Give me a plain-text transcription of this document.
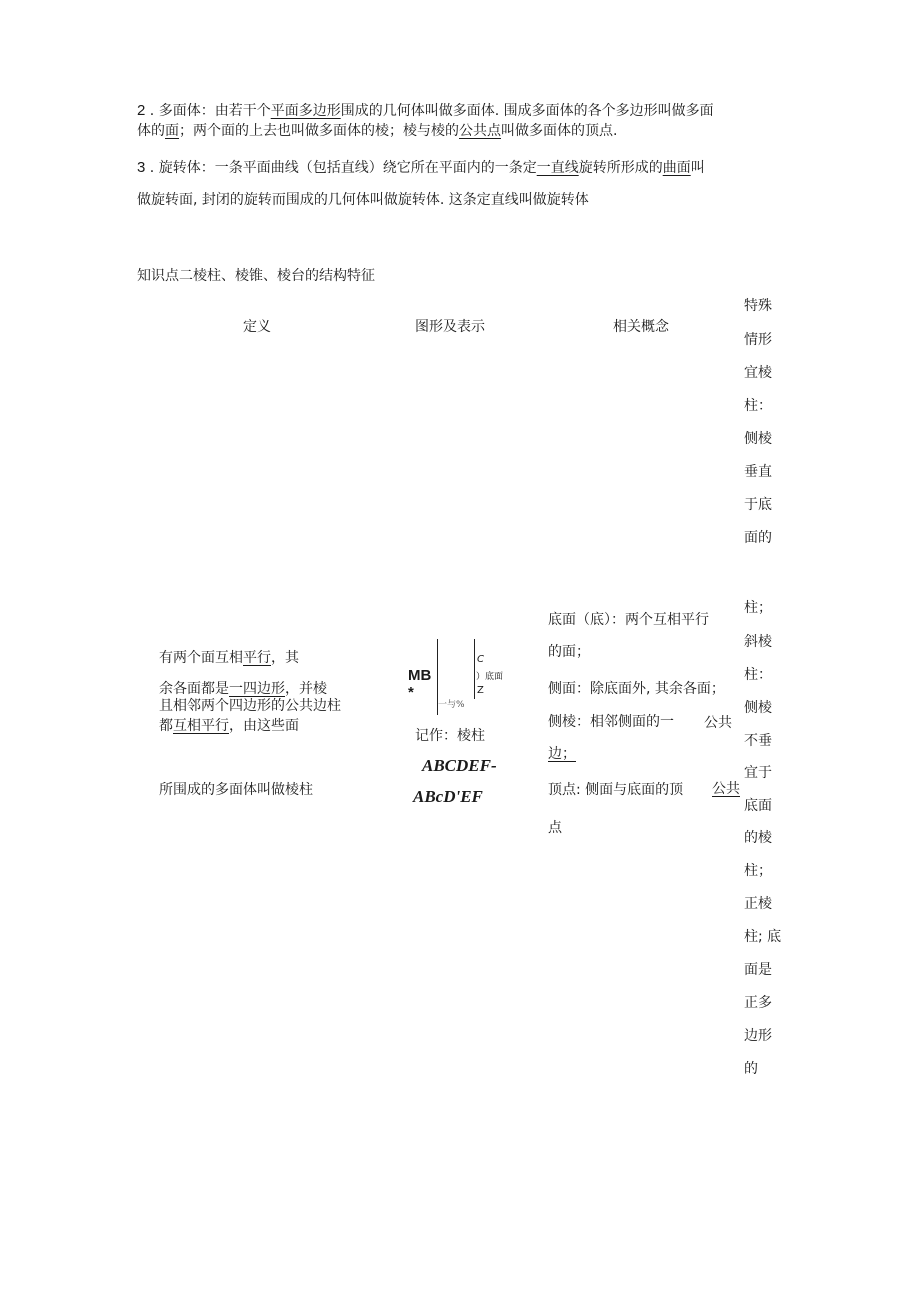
2 . 多面体：由若干个平面多边形围成的几何体叫做多面体. 围成多面体的各个多边形叫做多面
体的面；两个面的上去也叫做多面体的棱；棱与棱的公共点叫做多面体的顶点.
3 . 旋转体：一条平面曲线（包括直线）绕它所在平面内的一条定一直线旋转所形成的曲面叫
做旋转面, 封闭的旋转而围成的几何体叫做旋转体. 这条定直线叫做旋转体
知识点二棱柱、棱锥、棱台的结构特征
定义	图形及表示	相关概念
特殊
情形
宜棱
柱：
侧棱
垂直
于底
面的
柱；
斜棱
柱：
侧棱
不垂
宜于
底面
的棱
柱；
正棱
柱; 底
面是
正多
边形
的
有两个面互相平行，其
余各面都是一四边形，并棱
且相邻两个四边形的公共边柱
都互相平行，由这些面
所围成的多面体叫做棱柱
MB
*
C
）底面
Z
一与%
记作：棱柱
ABCDEF-
ABcD'EF
底面（底）：两个互相平行
的面；
侧面：除底面外, 其余各面；
侧棱：相邻侧面的一 公共
边；
顶点: 侧面与底面的顶 公共
点
